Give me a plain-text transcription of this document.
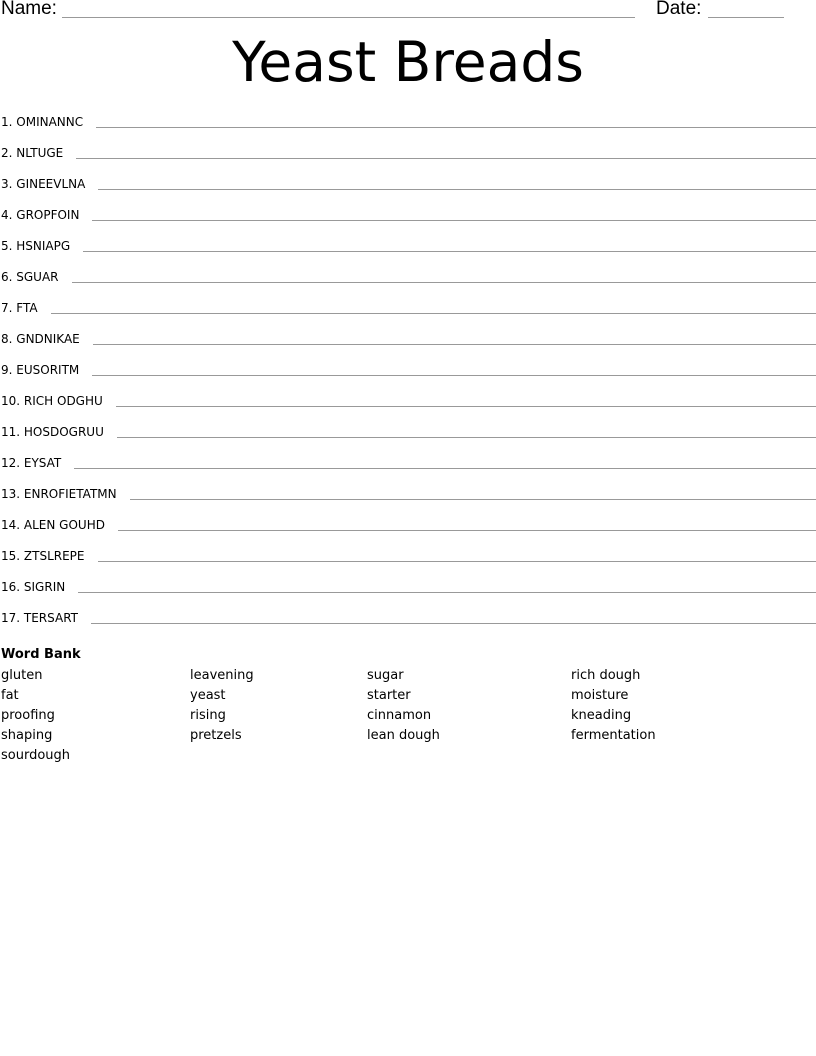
Name:	Date:
Yeast Breads
1. OMINANNC
2. NLTUGE
3. GINEEVLNA
4. GROPFOIN
5. HSNIAPG
6. SGUAR
7. FTA
8. GNDNIKAE
9. EUSORITM
10. RICH ODGHU
11. HOSDOGRUU
12. EYSAT
13. ENROFIETATMN
14. ALEN GOUHD
15. ZTSLREPE
16. SIGRIN
17. TERSART
Word Bank
gluten
fat
proofing
shaping
sourdough
leavening
yeast
rising
pretzels
sugar
starter
cinnamon
lean dough
rich dough
moisture
kneading
fermentation
